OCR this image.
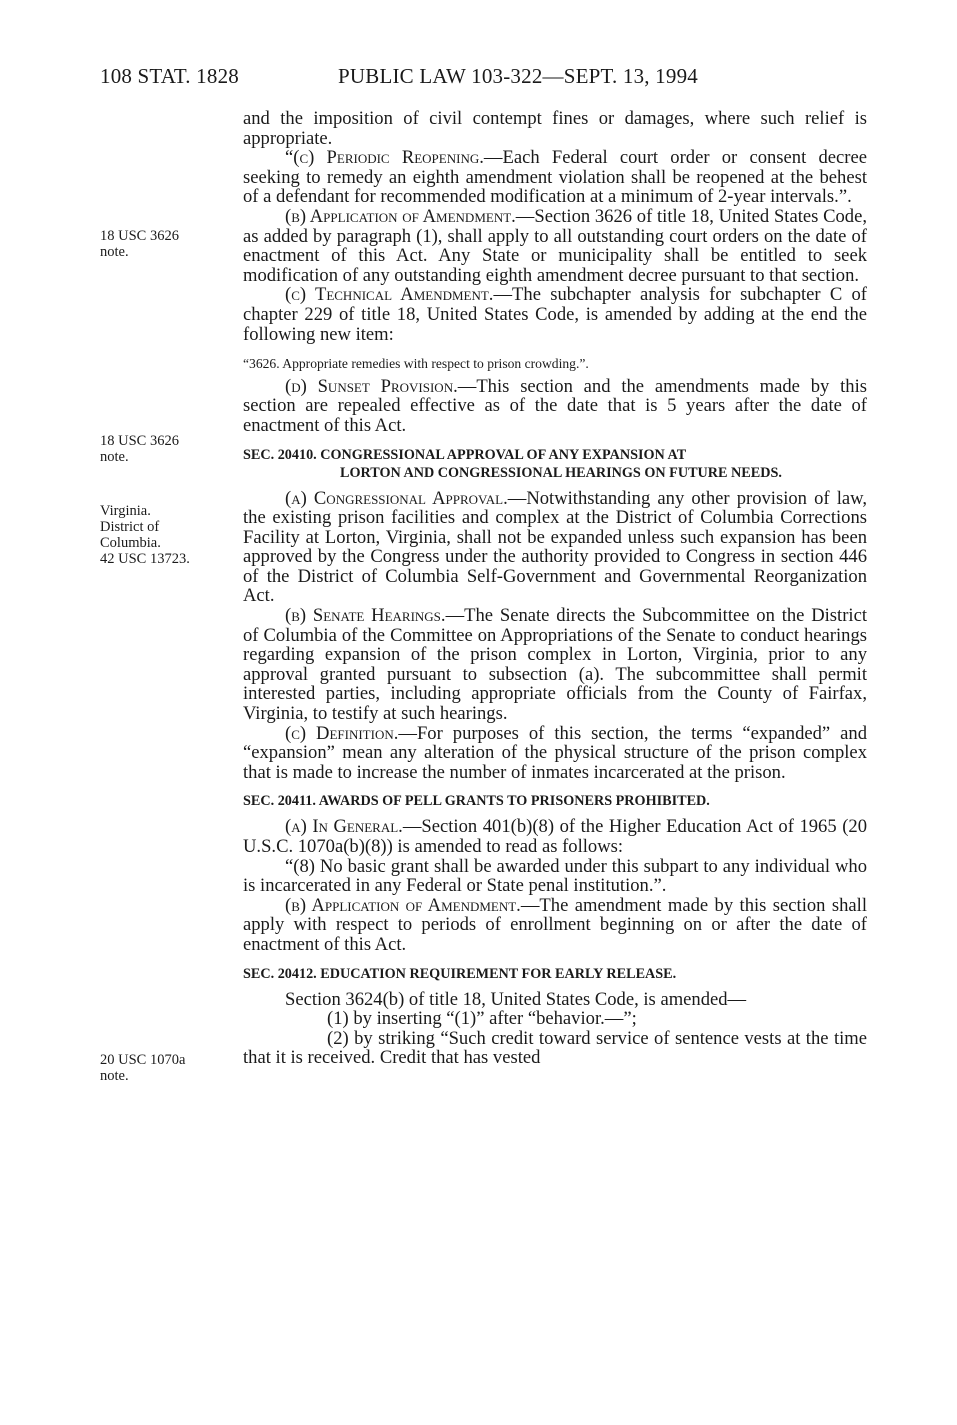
108 STAT. 1828	PUBLIC LAW 103-322—SEPT. 13, 1994
18 USC 3626
note.
18 USC 3626
note.
Virginia.
District of
Columbia.
42 USC 13723.
20 USC 1070a
note.

and the imposition of civil contempt fines or damages, where such relief is appropriate.

“(c) Periodic Reopening.—Each Federal court order or consent decree seeking to remedy an eighth amendment violation shall be reopened at the behest of a defendant for recommended modification at a minimum of 2-year intervals.”.

(b) Application of Amendment.—Section 3626 of title 18, United States Code, as added by paragraph (1), shall apply to all outstanding court orders on the date of enactment of this Act. Any State or municipality shall be entitled to seek modification of any outstanding eighth amendment decree pursuant to that section.

(c) Technical Amendment.—The subchapter analysis for subchapter C of chapter 229 of title 18, United States Code, is amended by adding at the end the following new item:

“3626. Appropriate remedies with respect to prison crowding.”.

(d) Sunset Provision.—This section and the amendments made by this section are repealed effective as of the date that is 5 years after the date of enactment of this Act.

SEC. 20410. CONGRESSIONAL APPROVAL OF ANY EXPANSION AT
LORTON AND CONGRESSIONAL HEARINGS ON FUTURE NEEDS.

(a) Congressional Approval.—Notwithstanding any other provision of law, the existing prison facilities and complex at the District of Columbia Corrections Facility at Lorton, Virginia, shall not be expanded unless such expansion has been approved by the Congress under the authority provided to Congress in section 446 of the District of Columbia Self-Government and Governmental Reorganization Act.

(b) Senate Hearings.—The Senate directs the Subcommittee on the District of Columbia of the Committee on Appropriations of the Senate to conduct hearings regarding expansion of the prison complex in Lorton, Virginia, prior to any approval granted pursuant to subsection (a). The subcommittee shall permit interested parties, including appropriate officials from the County of Fairfax, Virginia, to testify at such hearings.

(c) Definition.—For purposes of this section, the terms “expanded” and “expansion” mean any alteration of the physical structure of the prison complex that is made to increase the number of inmates incarcerated at the prison.

SEC. 20411. AWARDS OF PELL GRANTS TO PRISONERS PROHIBITED.

(a) In General.—Section 401(b)(8) of the Higher Education Act of 1965 (20 U.S.C. 1070a(b)(8)) is amended to read as follows:

“(8) No basic grant shall be awarded under this subpart to any individual who is incarcerated in any Federal or State penal institution.”.

(b) Application of Amendment.—The amendment made by this section shall apply with respect to periods of enrollment beginning on or after the date of enactment of this Act.

SEC. 20412. EDUCATION REQUIREMENT FOR EARLY RELEASE.

Section 3624(b) of title 18, United States Code, is amended—

(1) by inserting “(1)” after “behavior.—”;

(2) by striking “Such credit toward service of sentence vests at the time that it is received. Credit that has vested
